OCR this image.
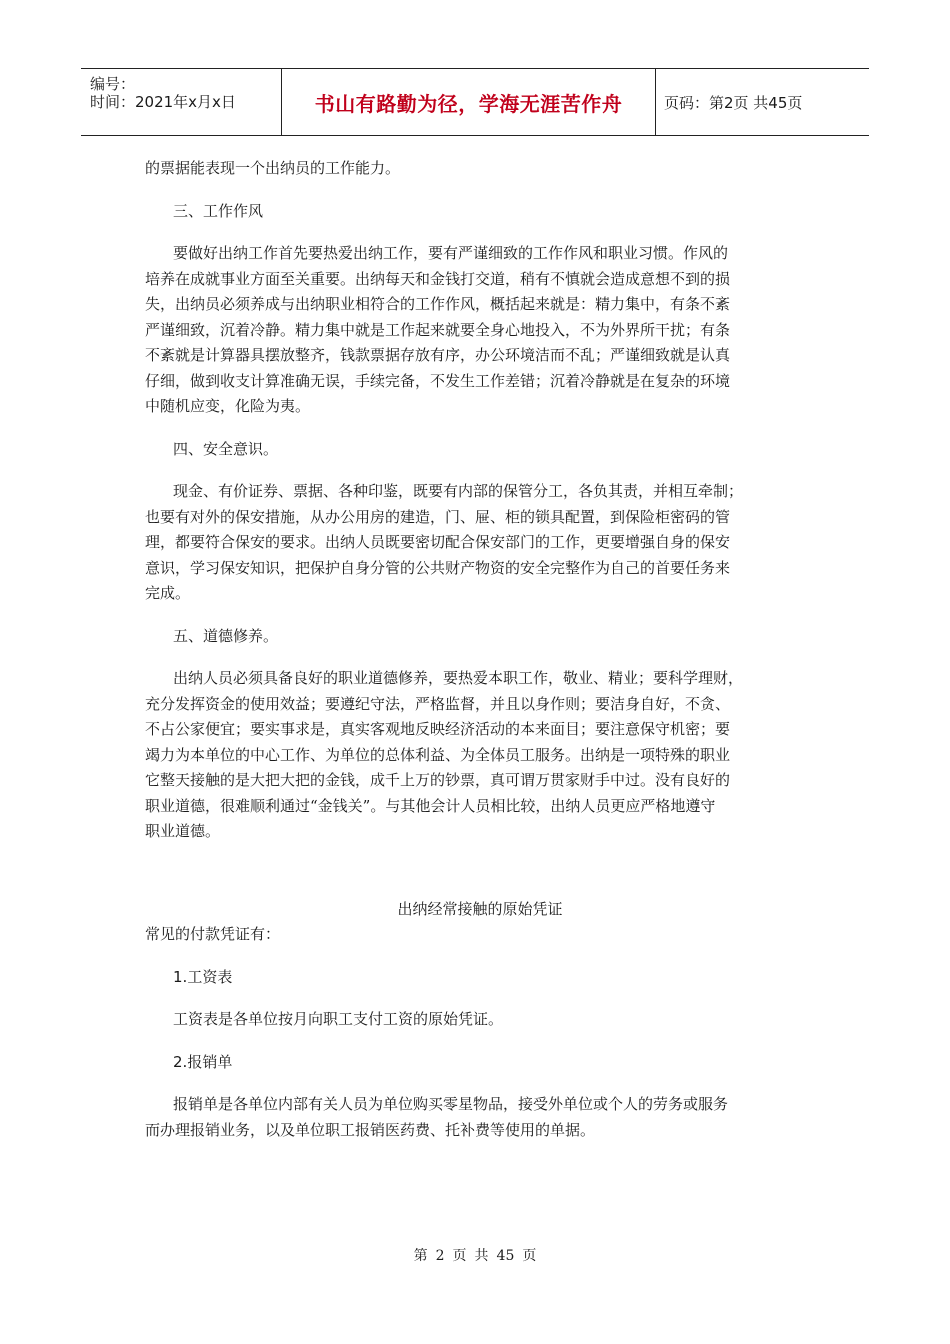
编号：
时间：2021年x月x日	书山有路勤为径，学海无涯苦作舟	页码：第2页 共45页

的票据能表现一个出纳员的工作能力。

三、工作作风

要做好出纳工作首先要热爱出纳工作，要有严谨细致的工作作风和职业习惯。作风的

培养在成就事业方面至关重要。出纳每天和金钱打交道，稍有不慎就会造成意想不到的损

失，出纳员必须养成与出纳职业相符合的工作作风，概括起来就是：精力集中，有条不紊

严谨细致，沉着冷静。精力集中就是工作起来就要全身心地投入，不为外界所干扰；有条

不紊就是计算器具摆放整齐，钱款票据存放有序，办公环境洁而不乱；严谨细致就是认真

仔细，做到收支计算准确无误，手续完备，不发生工作差错；沉着冷静就是在复杂的环境

中随机应变，化险为夷。

四、安全意识。

现金、有价证券、票据、各种印鉴，既要有内部的保管分工，各负其责，并相互牵制；

也要有对外的保安措施，从办公用房的建造，门、屉、柜的锁具配置，到保险柜密码的管

理，都要符合保安的要求。出纳人员既要密切配合保安部门的工作，更要增强自身的保安

意识，学习保安知识，把保护自身分管的公共财产物资的安全完整作为自己的首要任务来

完成。

五、道德修养。

出纳人员必须具备良好的职业道德修养，要热爱本职工作，敬业、精业；要科学理财，

充分发挥资金的使用效益；要遵纪守法，严格监督，并且以身作则；要洁身自好，不贪、

不占公家便宜；要实事求是，真实客观地反映经济活动的本来面目；要注意保守机密；要

竭力为本单位的中心工作、为单位的总体利益、为全体员工服务。出纳是一项特殊的职业

它整天接触的是大把大把的金钱，成千上万的钞票，真可谓万贯家财手中过。没有良好的

职业道德，很难顺利通过“金钱关”。与其他会计人员相比较，出纳人员更应严格地遵守

职业道德。

出纳经常接触的原始凭证

常见的付款凭证有：

1.工资表

工资表是各单位按月向职工支付工资的原始凭证。

2.报销单

报销单是各单位内部有关人员为单位购买零星物品，接受外单位或个人的劳务或服务

而办理报销业务，以及单位职工报销医药费、托补费等使用的单据。

第 2 页 共 45 页
